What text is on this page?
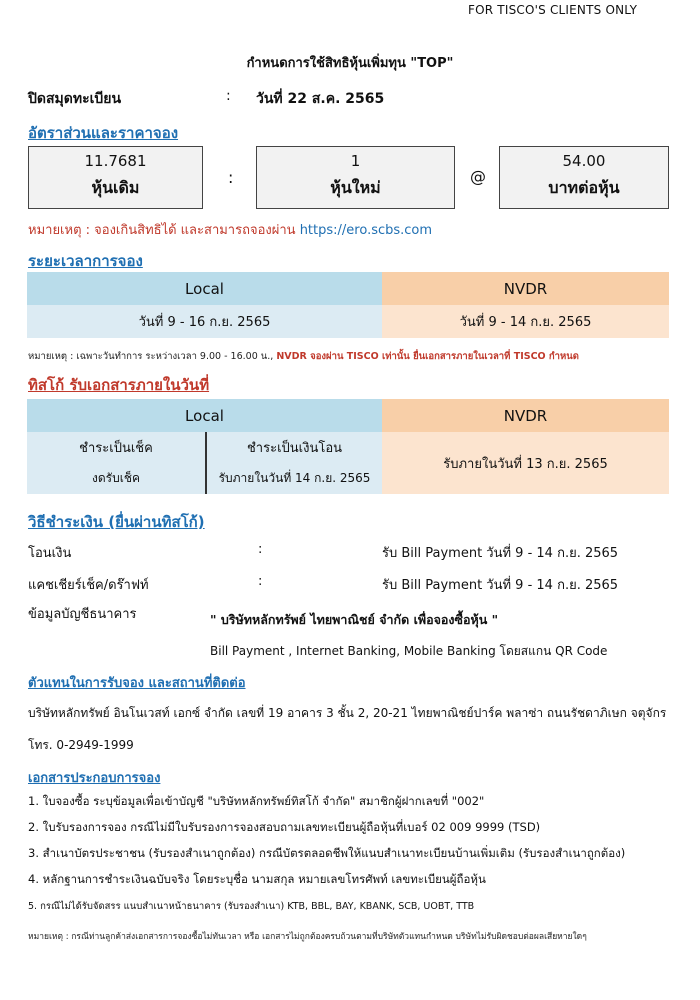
FOR TISCO'S CLIENTS ONLY
กำหนดการใช้สิทธิหุ้นเพิ่มทุน "TOP"
ปิดสมุดทะเบียน	: วันที่ 22 ส.ค. 2565
อัตราส่วนและราคาจอง
11.7681
หุ้นเดิม
:
1
หุ้นใหม่
@
54.00
บาทต่อหุ้น
หมายเหตุ : จองเกินสิทธิได้ และสามารถจองผ่าน https://ero.scbs.com
ระยะเวลาการจอง
Local	NVDR
วันที่ 9 - 16 ก.ย. 2565	วันที่ 9 - 14 ก.ย. 2565
หมายเหตุ : เฉพาะวันทำการ ระหว่างเวลา 9.00 - 16.00 น., NVDR จองผ่าน TISCO เท่านั้น ยื่นเอกสารภายในเวลาที่ TISCO กำหนด
ทิสโก้ รับเอกสารภายในวันที่
Local		NVDR
ชำระเป็นเช็ค	ชำระเป็นเงินโอน	รับภายในวันที่ 13 ก.ย. 2565
งดรับเช็ค	รับภายในวันที่ 14 ก.ย. 2565	
วิธีชำระเงิน (ยื่นผ่านทิสโก้)
โอนเงิน	:	รับ Bill Payment วันที่ 9 - 14 ก.ย. 2565
แคชเชียร์เช็ค/ดร๊าฟท์	:	รับ Bill Payment วันที่ 9 - 14 ก.ย. 2565
ข้อมูลบัญชีธนาคาร	" บริษัทหลักทรัพย์ ไทยพาณิชย์ จำกัด เพื่อจองซื้อหุ้น "
Bill Payment , Internet Banking, Mobile Banking โดยสแกน QR Code
ตัวแทนในการรับจอง และสถานที่ติดต่อ
บริษัทหลักทรัพย์ อินโนเวสท์ เอกซ์ จำกัด เลขที่ 19 อาคาร 3 ชั้น 2, 20-21 ไทยพาณิชย์ปาร์ค พลาซ่า ถนนรัชดาภิเษก จตุจักร
โทร. 0-2949-1999
เอกสารประกอบการจอง
1. ใบจองซื้อ ระบุข้อมูลเพื่อเข้าบัญชี "บริษัทหลักทรัพย์ทิสโก้ จำกัด" สมาชิกผู้ฝากเลขที่ "002"
2. ใบรับรองการจอง กรณีไม่มีใบรับรองการจองสอบถามเลขทะเบียนผู้ถือหุ้นที่เบอร์ 02 009 9999 (TSD)
3. สำเนาบัตรประชาชน (รับรองสำเนาถูกต้อง) กรณีบัตรตลอดชีพให้แนบสำเนาทะเบียนบ้านเพิ่มเติม (รับรองสำเนาถูกต้อง)
4. หลักฐานการชำระเงินฉบับจริง โดยระบุชื่อ นามสกุล หมายเลขโทรศัพท์ เลขทะเบียนผู้ถือหุ้น
5. กรณีไม่ได้รับจัดสรร แนบสำเนาหน้าธนาคาร (รับรองสำเนา) KTB, BBL, BAY, KBANK, SCB, UOBT, TTB
หมายเหตุ : กรณีท่านลูกค้าส่งเอกสารการจองซื้อไม่ทันเวลา หรือ เอกสารไม่ถูกต้องครบถ้วนตามที่บริษัทตัวแทนกำหนด บริษัทไม่รับผิดชอบต่อผลเสียหายใดๆ
